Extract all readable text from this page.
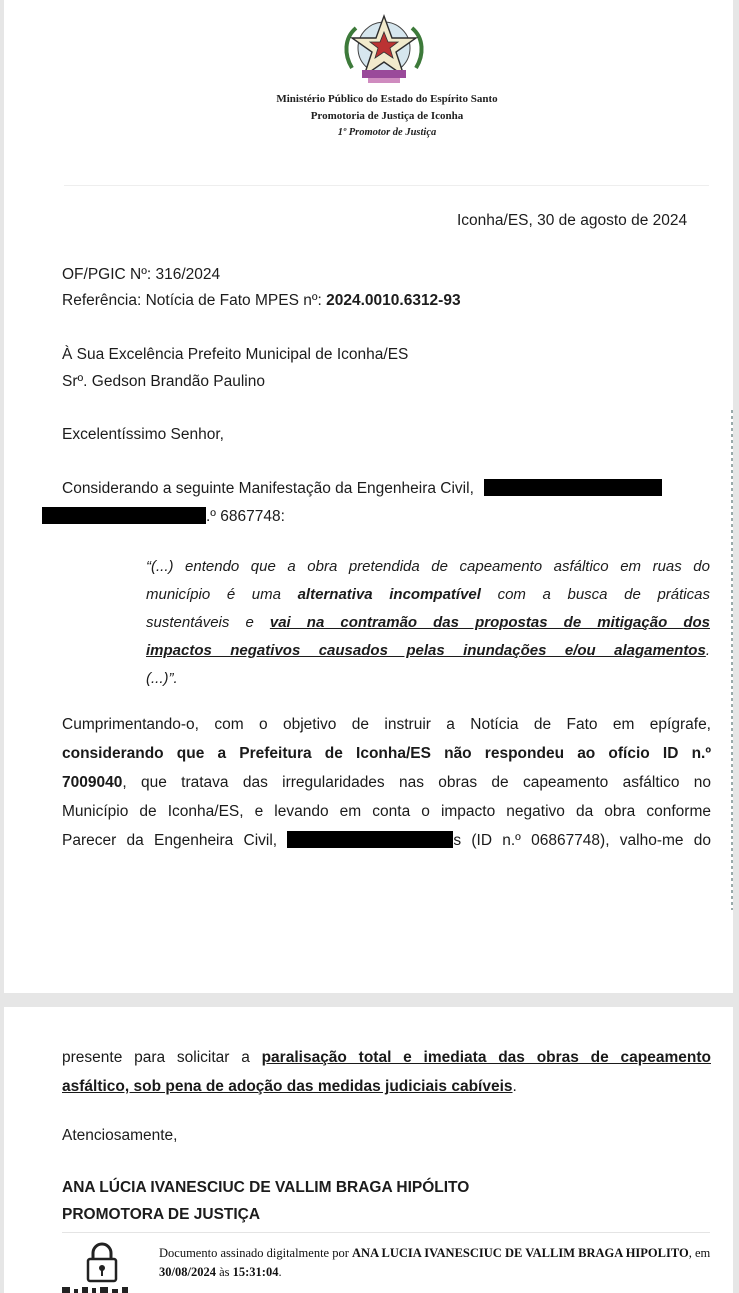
Ministério Público do Estado do Espírito Santo
Promotoria de Justiça de Iconha
1º Promotor de Justiça
Iconha/ES, 30 de agosto de 2024
OF/PGIC Nº: 316/2024
Referência: Notícia de Fato MPES nº: 2024.0010.6312-93
À Sua Excelência Prefeito Municipal de Iconha/ES
Srº. Gedson Brandão Paulino
Excelentíssimo Senhor,
Considerando a seguinte Manifestação da Engenheira Civil,
.º 6867748:
“(...) entendo que a obra pretendida de capeamento asfáltico em ruas do
município é uma alternativa incompatível com a busca de práticas
sustentáveis e vai na contramão das propostas de mitigação dos
impactos negativos causados pelas inundações e/ou alagamentos.
(...)”.
Cumprimentando-o, com o objetivo de instruir a Notícia de Fato em epígrafe,
considerando que a Prefeitura de Iconha/ES não respondeu ao ofício ID n.º
7009040, que tratava das irregularidades nas obras de capeamento asfáltico no
Município de Iconha/ES, e levando em conta o impacto negativo da obra conforme
Parecer da Engenheira Civil,	s (ID n.º 06867748), valho-me do
presente para solicitar a paralisação total e imediata das obras de capeamento
asfáltico, sob pena de adoção das medidas judiciais cabíveis.
Atenciosamente,
ANA LÚCIA IVANESCIUC DE VALLIM BRAGA HIPÓLITO
PROMOTORA DE JUSTIÇA
Documento assinado digitalmente por ANA LUCIA IVANESCIUC DE VALLIM BRAGA HIPOLITO, em 30/08/2024 às 15:31:04.
